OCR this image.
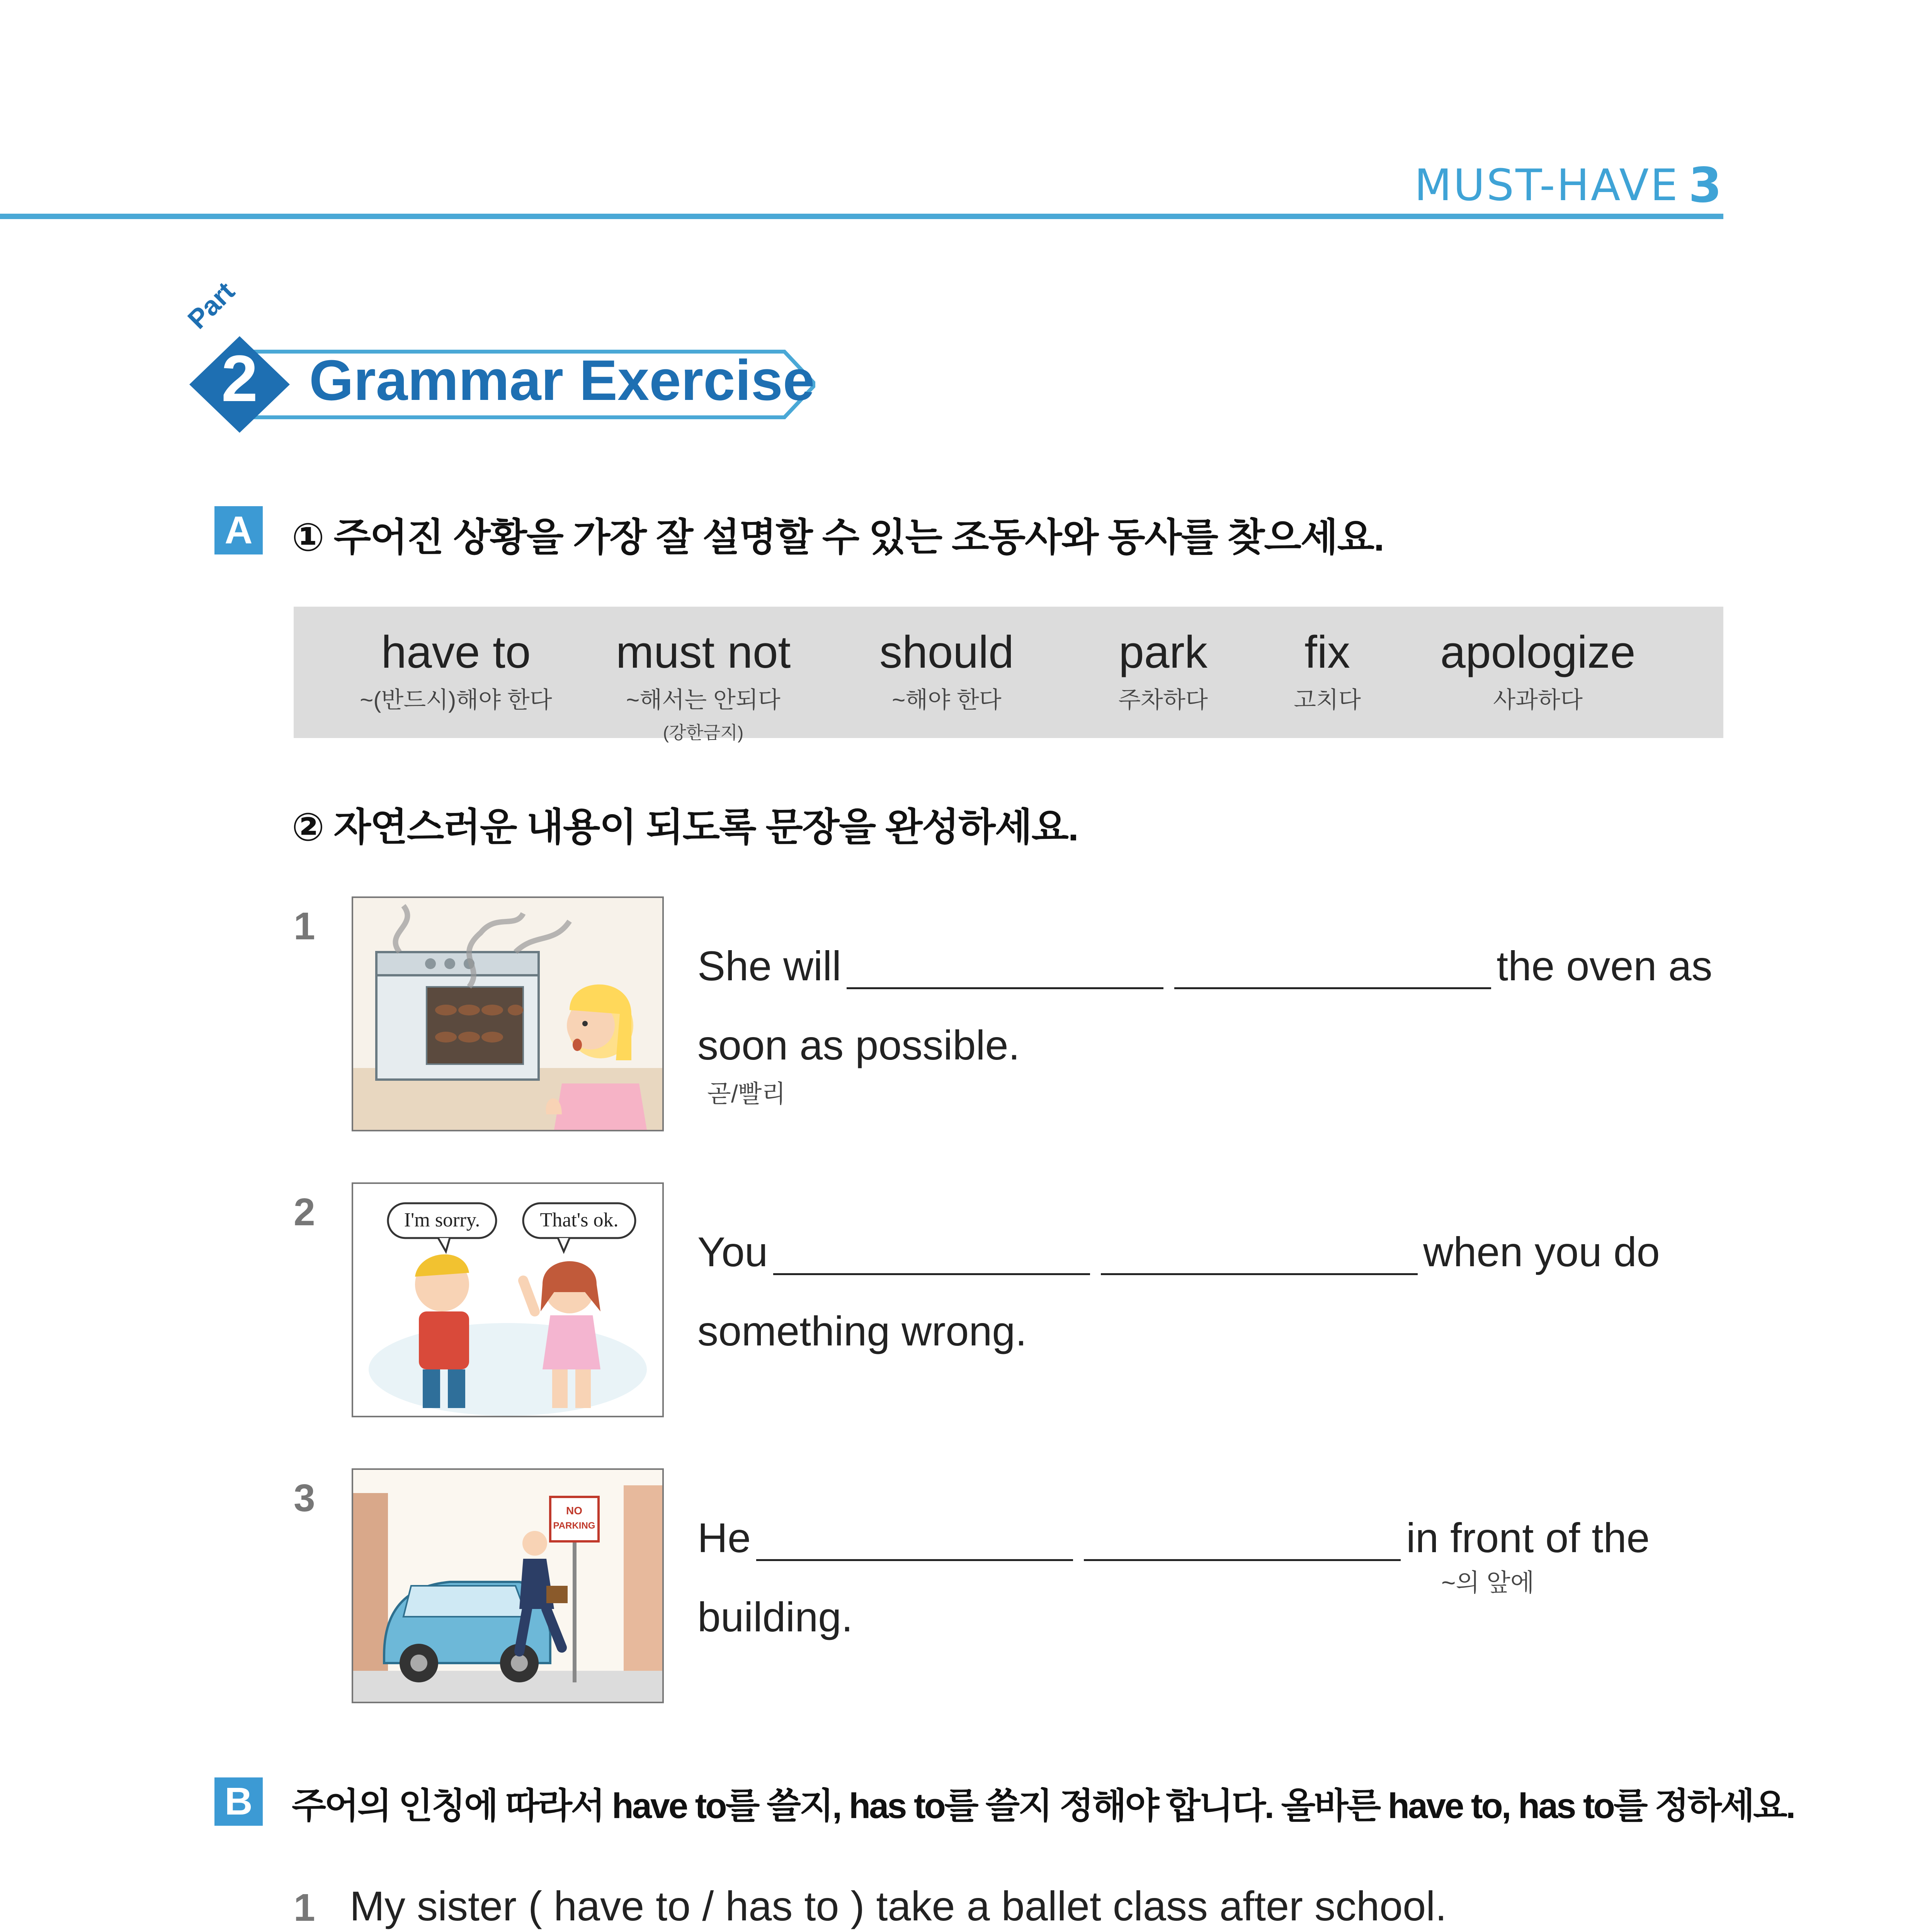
MUST-HAVE 3
Part
2 Grammar Exercise
A ① 주어진 상황을 가장 잘 설명할 수 있는 조동사와 동사를 찾으세요.
have to
~(반드시)해야 한다
must not
~해서는 안되다
(강한금지)
should
~해야 한다
park
주차하다
fix
고치다
apologize
사과하다
② 자연스러운 내용이 되도록 문장을 완성하세요.
1
She will	the oven as
soon as possible.
곧/빨리
2	I'm sorry.	That's ok.
You	when you do
something wrong.
3	NO
PARKING He	in front of the
~의 앞에
building.
B 주어의 인칭에 따라서 have to를 쓸지, has to를 쓸지 정해야 합니다. 올바른 have to, has to를 정하세요.
1 My sister ( have to / has to ) take a ballet class after school.
